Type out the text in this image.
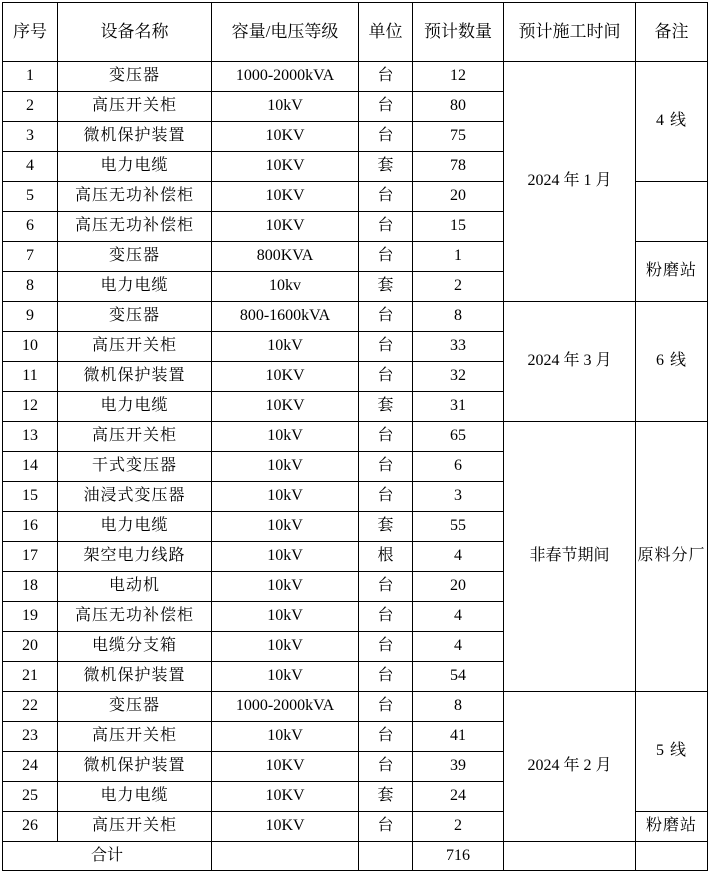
序号	设备名称	容量/电压等级	单位	预计数量	预计施工时间	备注
1	变压器	1000-2000kVA	台	12	2024 年 1 月	4 线
2	高压开关柜	10kV	台	80		
3	微机保护装置	10KV	台	75		
4	电力电缆	10KV	套	78		
5	高压无功补偿柜	10KV	台	20		
6	高压无功补偿柜	10KV	台	15		
7	变压器	800KVA	台	1		粉磨站
8	电力电缆	10kv	套	2		
9	变压器	800-1600kVA	台	8	2024 年 3 月	6 线
10	高压开关柜	10kV	台	33		
11	微机保护装置	10KV	台	32		
12	电力电缆	10KV	套	31		
13	高压开关柜	10kV	台	65	非春节期间	原料分厂
14	干式变压器	10kV	台	6		
15	油浸式变压器	10kV	台	3		
16	电力电缆	10kV	套	55		
17	架空电力线路	10kV	根	4		
18	电动机	10kV	台	20		
19	高压无功补偿柜	10kV	台	4		
20	电缆分支箱	10kV	台	4		
21	微机保护装置	10kV	台	54		
22	变压器	1000-2000kVA	台	8	2024 年 2 月	5 线
23	高压开关柜	10kV	台	41		
24	微机保护装置	10KV	台	39		
25	电力电缆	10KV	套	24		
26	高压开关柜	10KV	台	2		粉磨站
合计				716		
